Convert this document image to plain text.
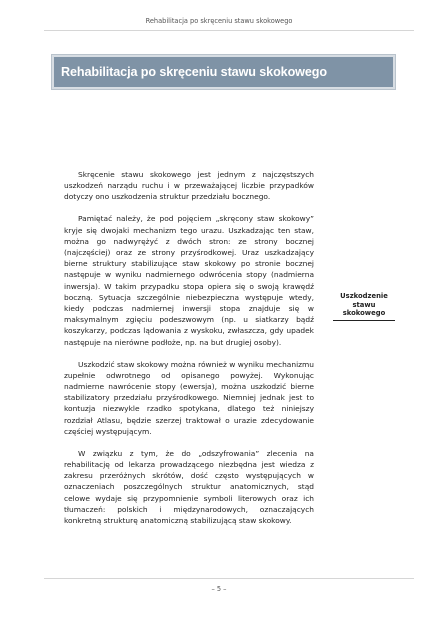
Rehabilitacja po skręceniu stawu skokowego
Rehabilitacja po skręceniu stawu skokowego

Skręcenie stawu skokowego jest jednym z najczęstszych uszkodzeń narządu ruchu i w przeważającej liczbie przypadków dotyczy ono uszkodzenia struktur przedziału bocznego.

Pamiętać należy, że pod pojęciem „skręcony staw skokowy” kryje się dwojaki mechanizm tego urazu. Uszkadzając ten staw, można go nadwyrężyć z dwóch stron: ze strony bocznej (najczęściej) oraz ze strony przyśrodkowej. Uraz uszkadzający bierne struktury stabilizujące staw skokowy po stronie bocznej następuje w wyniku nadmiernego odwrócenia stopy (nadmierna inwersja). W takim przypadku stopa opiera się o swoją krawędź boczną. Sytuacja szczególnie niebezpieczna występuje wtedy, kiedy podczas nadmiernej inwersji stopa znajduje się w maksymalnym zgięciu podeszwowym (np. u siatkarzy bądź koszykarzy, podczas lądowania z wyskoku, zwłaszcza, gdy upadek następuje na nierówne podłoże, np. na but drugiej osoby).

Uszkodzić staw skokowy można również w wyniku mechanizmu zupełnie odwrotnego od opisanego powyżej. Wykonując nadmierne nawrócenie stopy (ewersja), można uszkodzić bierne stabilizatory przedziału przyśrodkowego. Niemniej jednak jest to kontuzja niezwykle rzadko spotykana, dlatego też niniejszy rozdział Atlasu, będzie szerzej traktował o urazie zdecydowanie częściej występującym.

W związku z tym, że do „odszyfrowania” zlecenia na rehabilitację od lekarza prowadzącego niezbędna jest wiedza z zakresu przeróżnych skrótów, dość często występujących w oznaczeniach poszczególnych struktur anatomicznych, stąd celowe wydaje się przypomnienie symboli literowych oraz ich tłumaczeń: polskich i międzynarodowych, oznaczających konkretną strukturę anatomiczną stabilizującą staw skokowy.

Uszkodzenie
stawu
skokowego
– 5 –
